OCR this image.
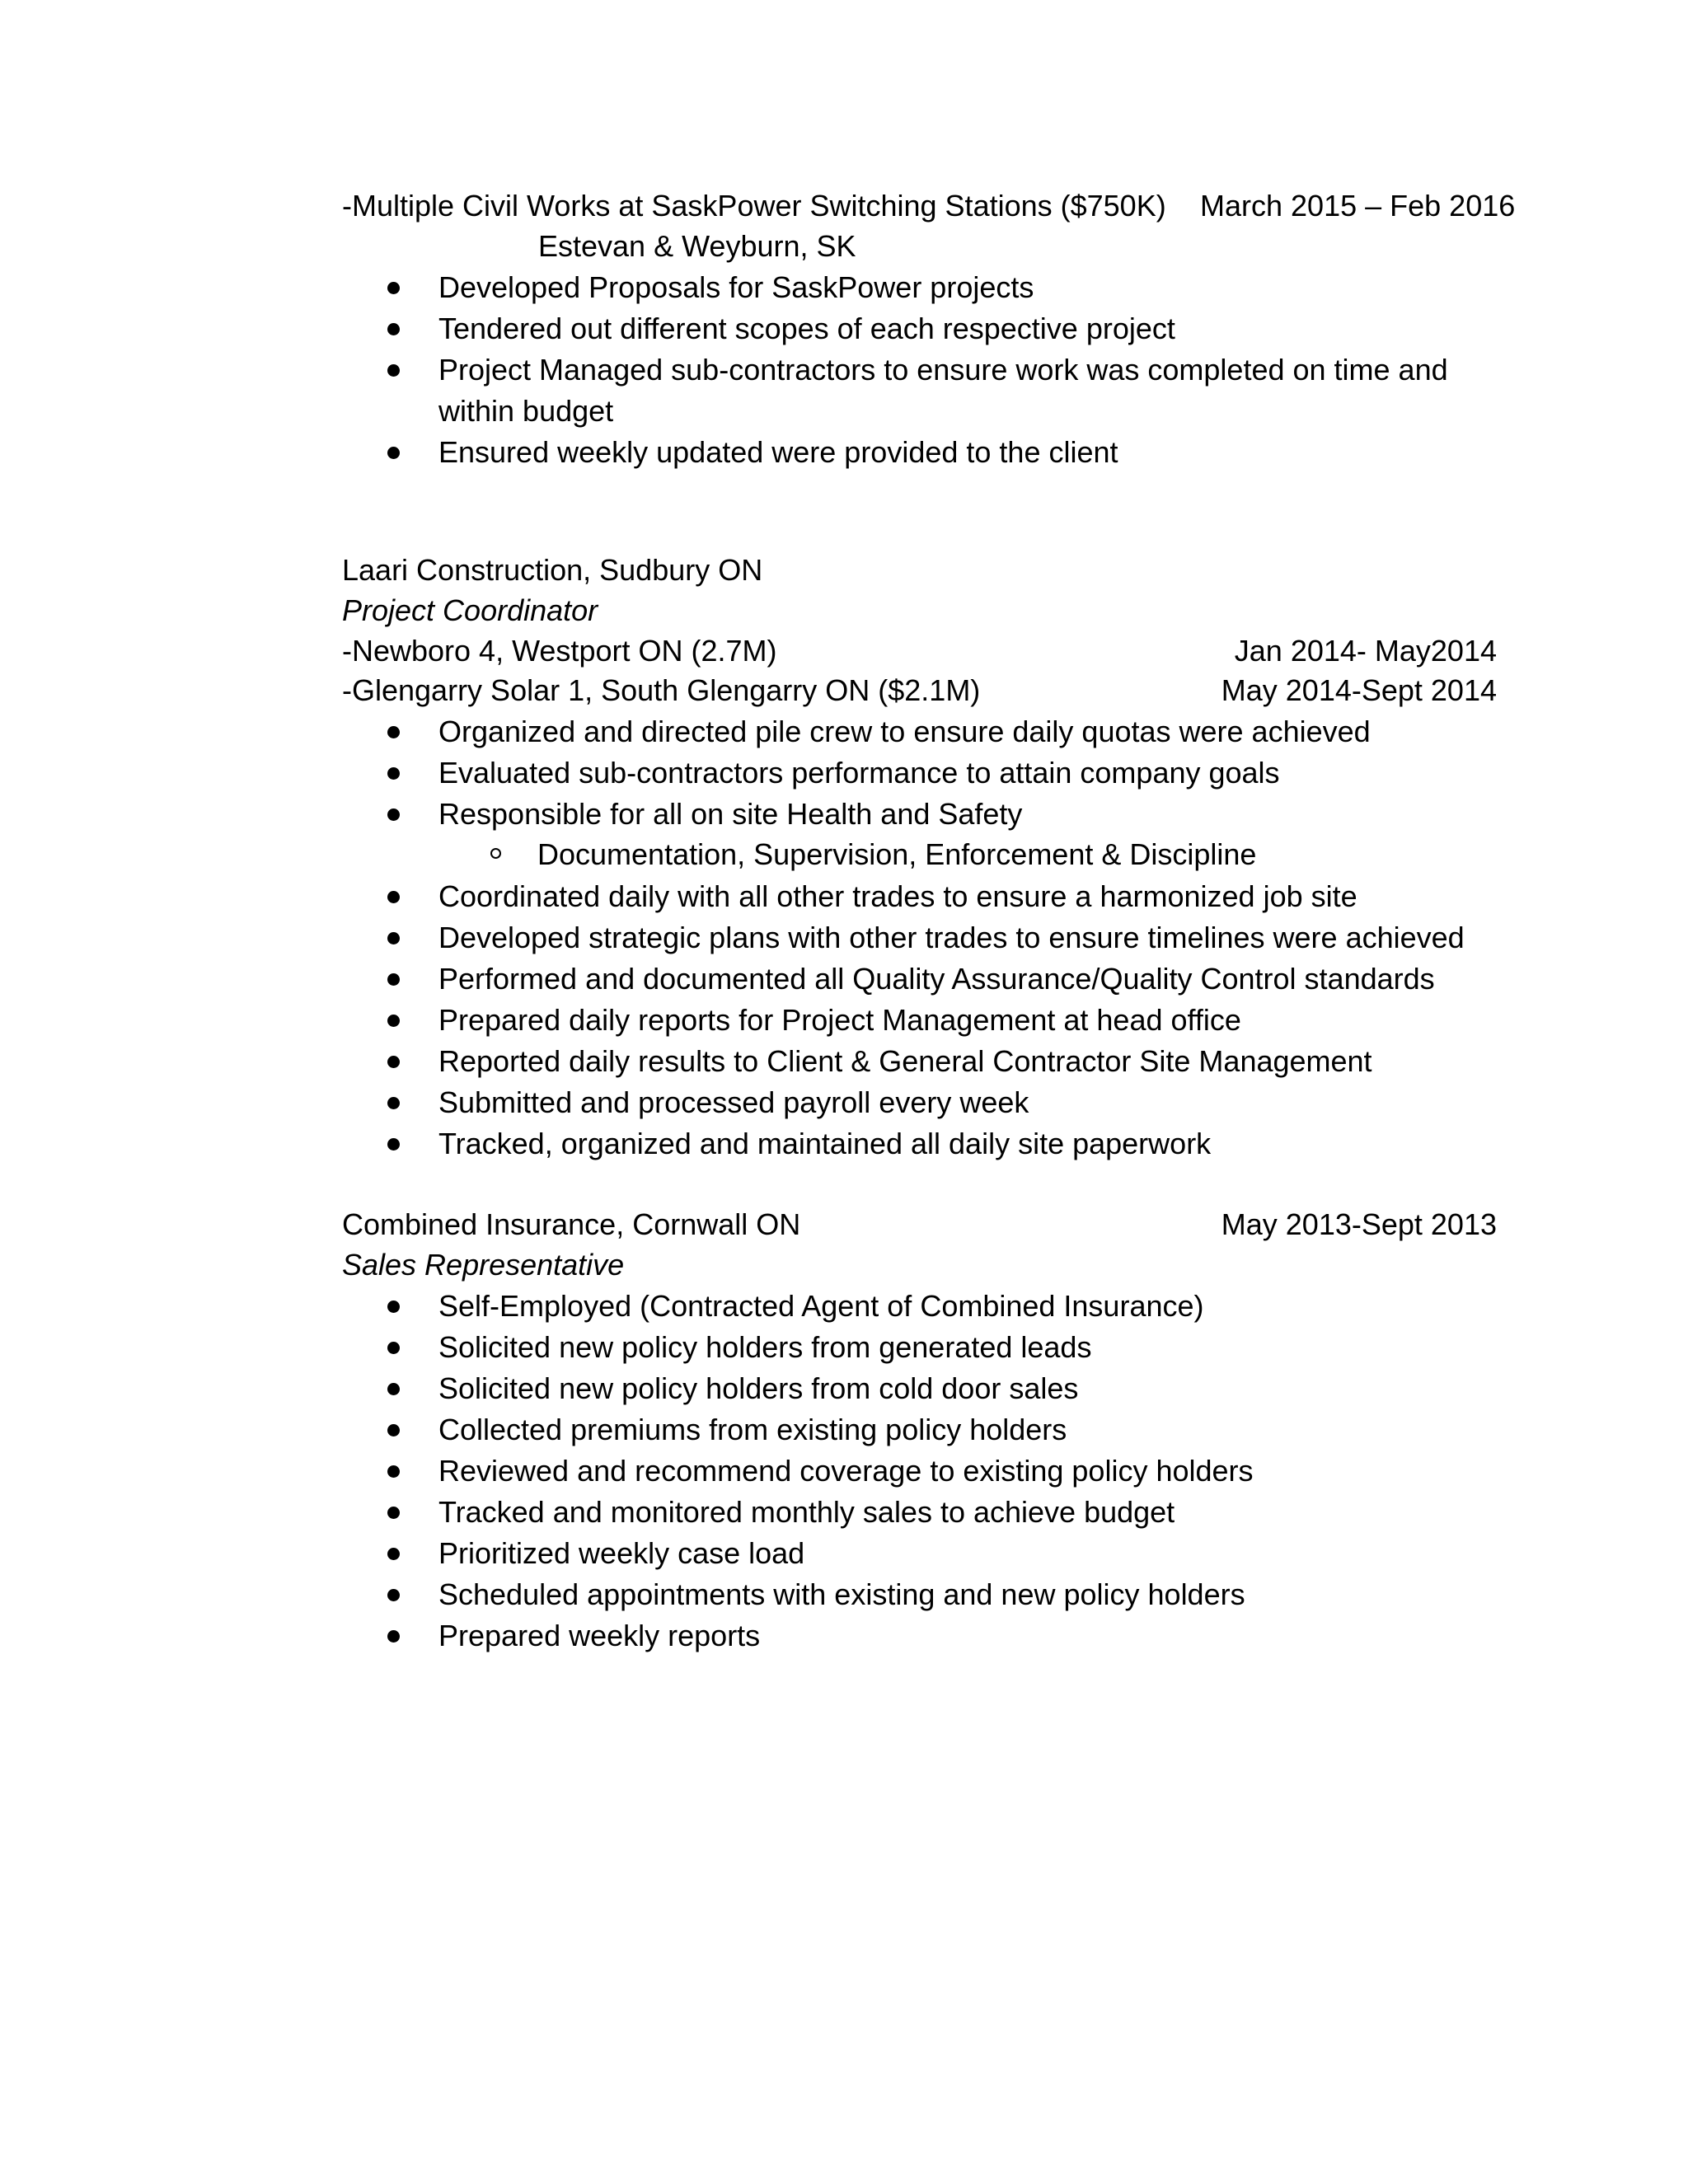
-Multiple Civil Works at SaskPower Switching Stations ($750K) March 2015 – Feb 2016
Estevan & Weyburn, SK
Developed Proposals for SaskPower projects
Tendered out different scopes of each respective project
Project Managed sub-contractors to ensure work was completed on time and
within budget
Ensured weekly updated were provided to the client
Laari Construction, Sudbury ON
Project Coordinator
-Newboro 4, Westport ON (2.7M)	Jan 2014- May2014
-Glengarry Solar 1, South Glengarry ON ($2.1M)	May 2014-Sept 2014
Organized and directed pile crew to ensure daily quotas were achieved
Evaluated sub-contractors performance to attain company goals
Responsible for all on site Health and Safety
Documentation, Supervision, Enforcement & Discipline
Coordinated daily with all other trades to ensure a harmonized job site
Developed strategic plans with other trades to ensure timelines were achieved
Performed and documented all Quality Assurance/Quality Control standards
Prepared daily reports for Project Management at head office
Reported daily results to Client & General Contractor Site Management
Submitted and processed payroll every week
Tracked, organized and maintained all daily site paperwork
Combined Insurance, Cornwall ON	May 2013-Sept 2013
Sales Representative
Self-Employed (Contracted Agent of Combined Insurance)
Solicited new policy holders from generated leads
Solicited new policy holders from cold door sales
Collected premiums from existing policy holders
Reviewed and recommend coverage to existing policy holders
Tracked and monitored monthly sales to achieve budget
Prioritized weekly case load
Scheduled appointments with existing and new policy holders
Prepared weekly reports
